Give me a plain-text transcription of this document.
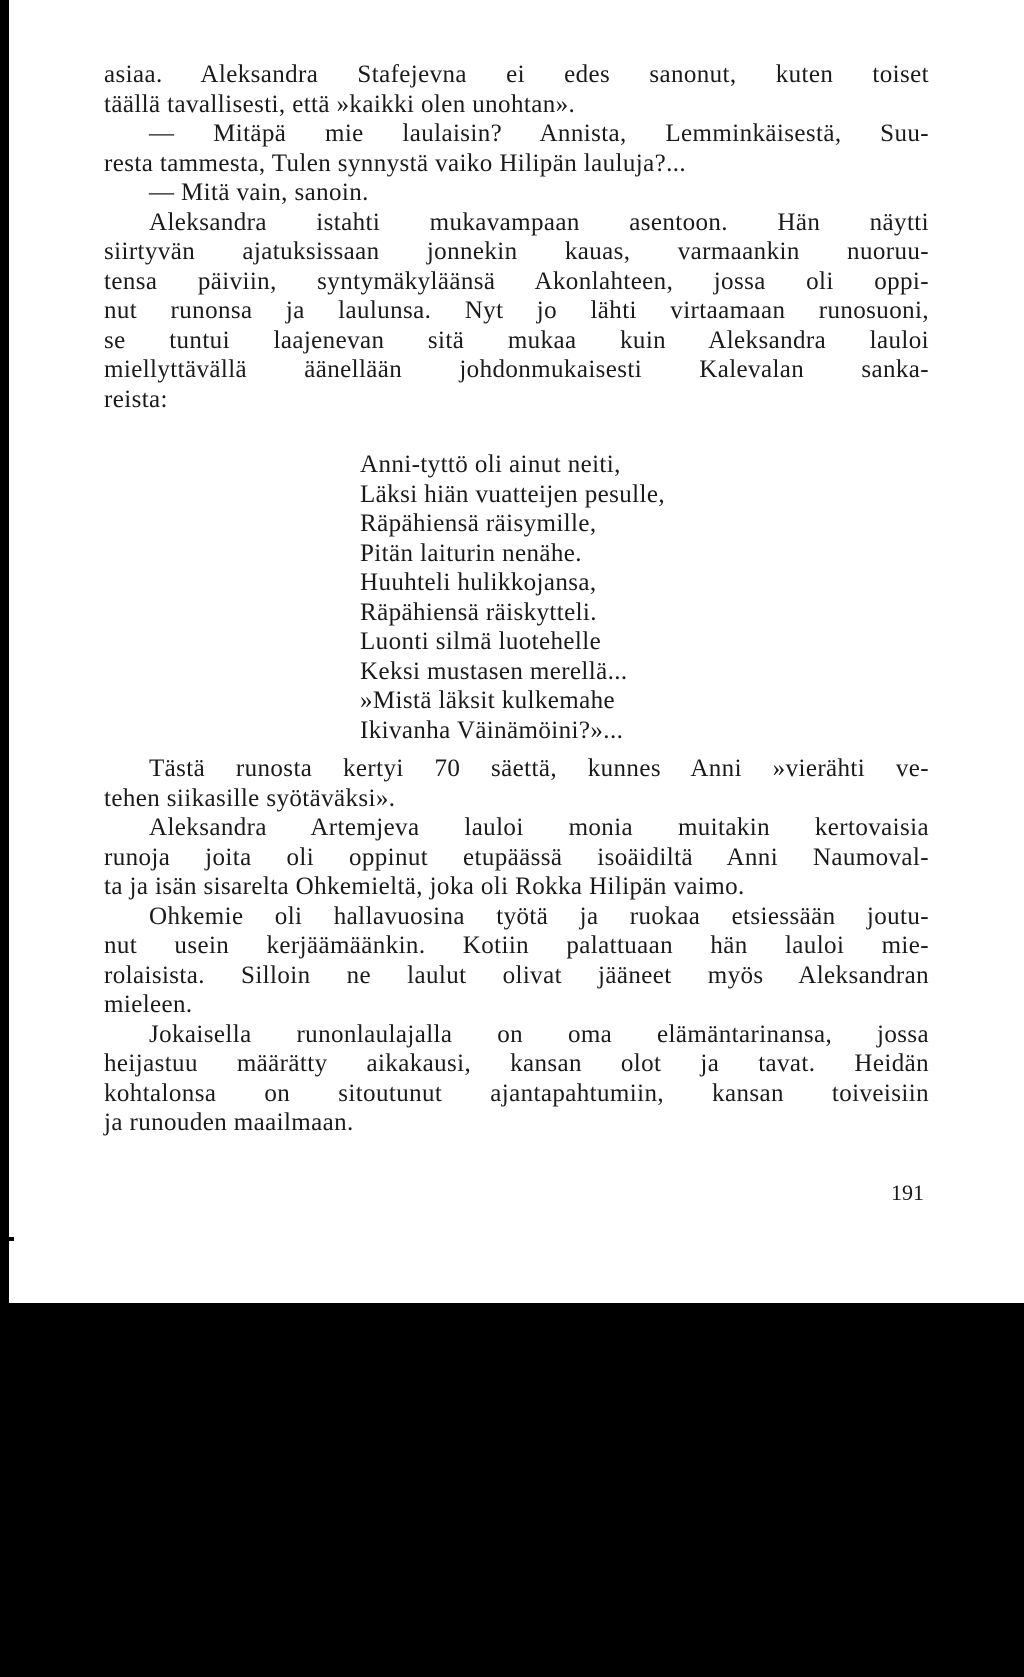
asiaa. Aleksandra Stafejevna ei edes sanonut, kuten toiset
täällä tavallisesti, että »kaikki olen unohtan».
— Mitäpä mie laulaisin? Annista, Lemminkäisestä, Suu-
resta tammesta, Tulen synnystä vaiko Hilipän lauluja?...
— Mitä vain, sanoin.
Aleksandra istahti mukavampaan asentoon. Hän näytti
siirtyvän ajatuksissaan jonnekin kauas, varmaankin nuoruu-
tensa päiviin, syntymäkyläänsä Akonlahteen, jossa oli oppi-
nut runonsa ja laulunsa. Nyt jo lähti virtaamaan runosuoni,
se tuntui laajenevan sitä mukaa kuin Aleksandra lauloi
miellyttävällä äänellään johdonmukaisesti Kalevalan sanka-
reista:
Anni-tyttö oli ainut neiti,
Läksi hiän vuatteijen pesulle,
Räpähiensä räisymille,
Pitän laiturin nenähe.
Huuhteli hulikkojansa,
Räpähiensä räiskytteli.
Luonti silmä luotehelle
Keksi mustasen merellä...
»Mistä läksit kulkemahe
Ikivanha Väinämöini?»...
Tästä runosta kertyi 70 säettä, kunnes Anni »vierähti ve-
tehen siikasille syötäväksi».
Aleksandra Artemjeva lauloi monia muitakin kertovaisia
runoja joita oli oppinut etupäässä isoäidiltä Anni Naumoval-
ta ja isän sisarelta Ohkemieltä, joka oli Rokka Hilipän vaimo.
Ohkemie oli hallavuosina työtä ja ruokaa etsiessään joutu-
nut usein kerjäämäänkin. Kotiin palattuaan hän lauloi mie-
rolaisista. Silloin ne laulut olivat jääneet myös Aleksandran
mieleen.
Jokaisella runonlaulajalla on oma elämäntarinansa, jossa
heijastuu määrätty aikakausi, kansan olot ja tavat. Heidän
kohtalonsa on sitoutunut ajantapahtumiin, kansan toiveisiin
ja runouden maailmaan.
191
